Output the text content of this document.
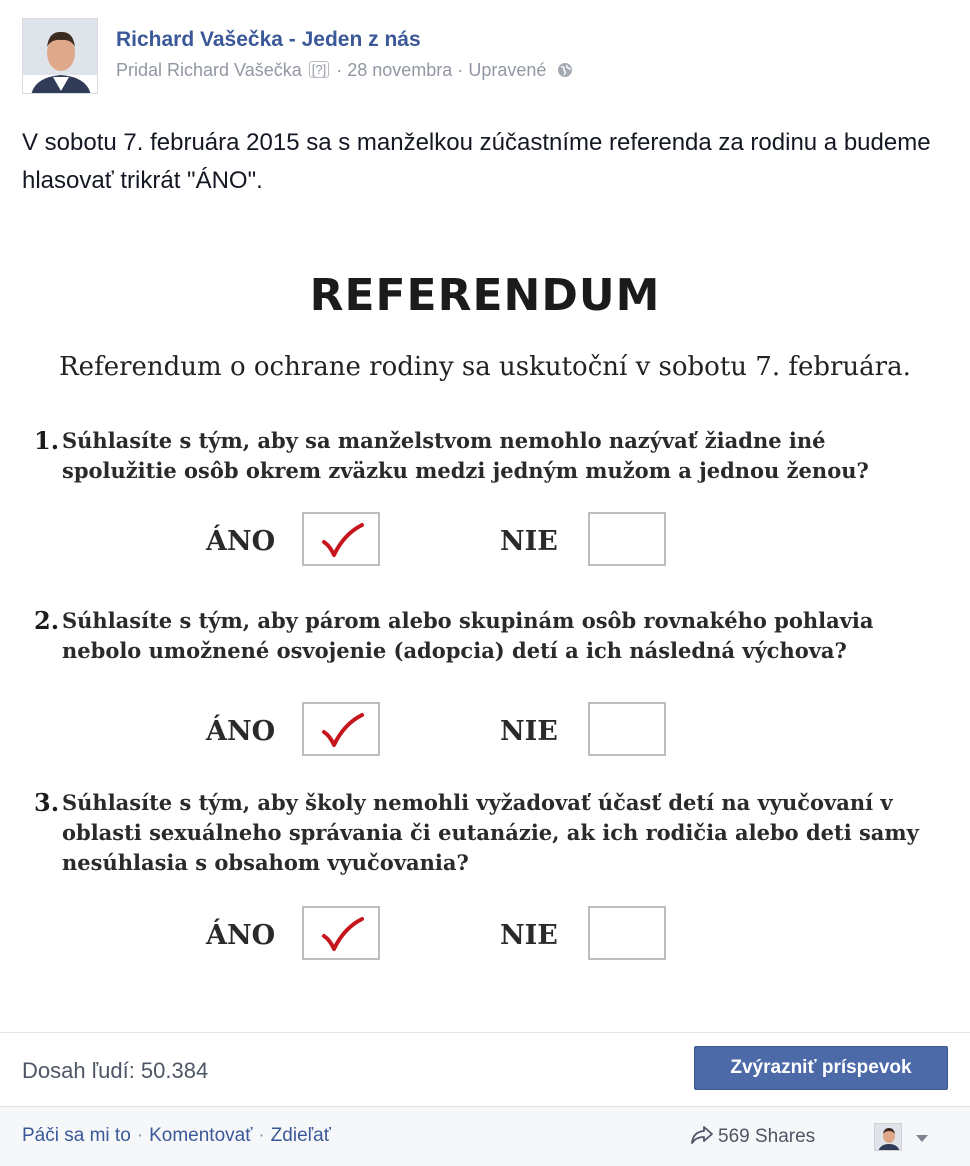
Richard Vašečka - Jeden z nás
Pridal Richard Vašečka [?] · 28 novembra · Upravené
V sobotu 7. februára 2015 sa s manželkou zúčastníme referenda za rodinu a budeme hlasovať trikrát "ÁNO".
REFERENDUM
Referendum o ochrane rodiny sa uskutoční v sobotu 7. februára.
1. Súhlasíte s tým, aby sa manželstvom nemohlo nazývať žiadne iné spolužitie osôb okrem zväzku medzi jedným mužom a jednou ženou?
ÁNO	NIE
2. Súhlasíte s tým, aby párom alebo skupinám osôb rovnakého pohlavia nebolo umožnené osvojenie (adopcia) detí a ich následná výchova?
ÁNO	NIE
3. Súhlasíte s tým, aby školy nemohli vyžadovať účasť detí na vyučovaní v oblasti sexuálneho správania či eutanázie, ak ich rodičia alebo deti samy nesúhlasia s obsahom vyučovania?
ÁNO	NIE
Dosah ľudí: 50.384	Zvýrazniť príspevok
Páči sa mi to · Komentovať · Zdieľať	569 Shares
